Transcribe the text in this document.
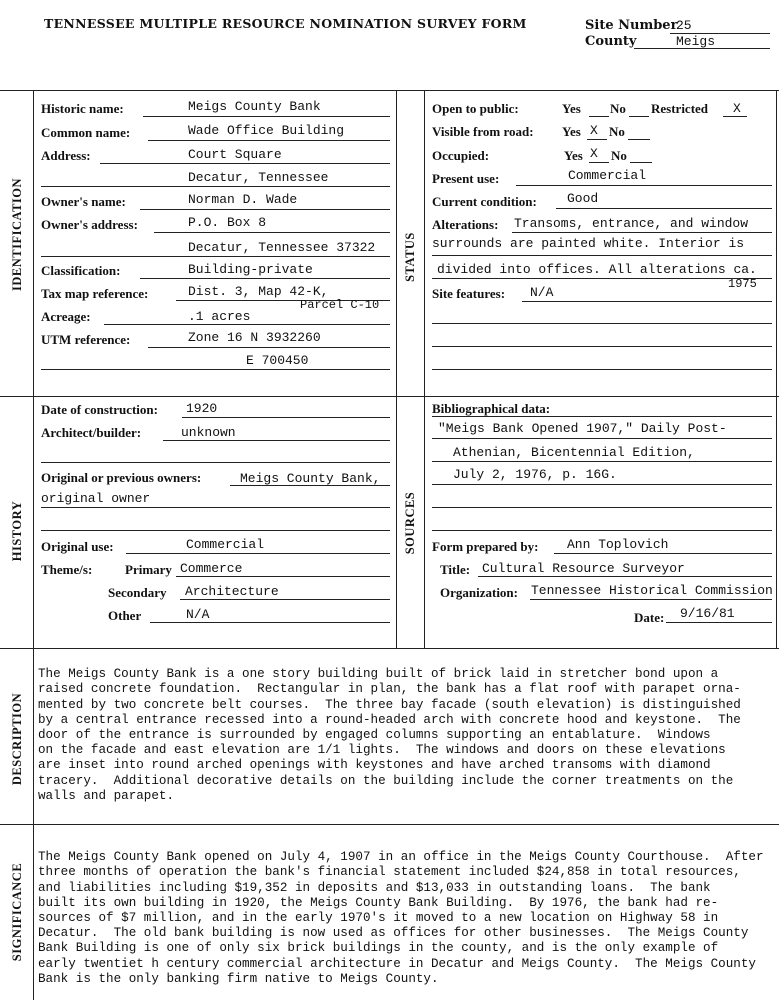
TENNESSEE MULTIPLE RESOURCE NOMINATION SURVEY FORM	Site Number
25
County	Meigs
IDENTIFICATION	STATUS
HISTORY	SOURCES
DESCRIPTION
SIGNIFICANCE
Historic name:	Meigs County Bank
Common name:	Wade Office Building
Address:	Court Square
Decatur, Tennessee
Owner's name:	Norman D. Wade
Owner's address:	P.O. Box 8
Decatur, Tennessee 37322
Classification:	Building-private
Tax map reference:	Dist. 3, Map 42-K,
Parcel C-10
Acreage:	.1 acres
UTM reference:	Zone 16 N 3932260
E 700450
Open to public:	Yes No Restricted X
Visible from road: Yes X No
Occupied:	Yes X No
Present use:	Commercial
Current condition: Good
Alterations: Transoms, entrance, and window
surrounds are painted white. Interior is
divided into offices. All alterations ca.
1975
Site features: N/A
Date of construction: 1920
Architect/builder:	unknown
Original or previous owners:	Meigs County Bank,
original owner
Original use:	Commercial
Theme/s:	Primary Commerce
Secondary Architecture
Other	N/A
Bibliographical data:
"Meigs Bank Opened 1907," Daily Post-
Athenian, Bicentennial Edition,
July 2, 1976, p. 16G.
Form prepared by: Ann Toplovich
Title: Cultural Resource Surveyor
Organization: Tennessee Historical Commission
Date: 9/16/81

The Meigs County Bank is a one story building built of brick laid in stretcher bond upon a
raised concrete foundation.  Rectangular in plan, the bank has a flat roof with parapet orna-
mented by two concrete belt courses.  The three bay facade (south elevation) is distinguished
by a central entrance recessed into a round-headed arch with concrete hood and keystone.  The
door of the entrance is surrounded by engaged columns supporting an entablature.  Windows
on the facade and east elevation are 1/1 lights.  The windows and doors on these elevations
are inset into round arched openings with keystones and have arched transoms with diamond
tracery.  Additional decorative details on the building include the corner treatments on the
walls and parapet.

The Meigs County Bank opened on July 4, 1907 in an office in the Meigs County Courthouse.  After
three months of operation the bank's financial statement included $24,858 in total resources,
and liabilities including $19,352 in deposits and $13,033 in outstanding loans.  The bank
built its own building in 1920, the Meigs County Bank Building.  By 1976, the bank had re-
sources of $7 million, and in the early 1970's it moved to a new location on Highway 58 in
Decatur.  The old bank building is now used as offices for other businesses.  The Meigs County
Bank Building is one of only six brick buildings in the county, and is the only example of
early twentiet h century commercial architecture in Decatur and Meigs County.  The Meigs County
Bank is the only banking firm native to Meigs County.
